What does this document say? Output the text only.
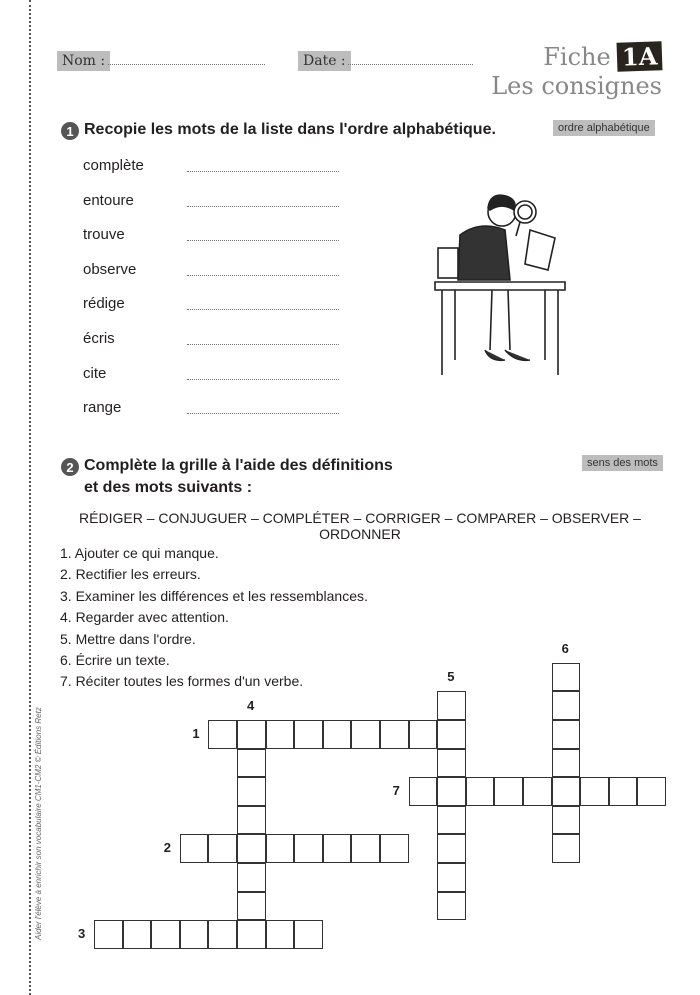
Aider l'élève à enrichir son vocabulaire CM1-CM2 © Éditions Retz
Nom :	Date :	Fiche 1A
Les consignes
1 Recopie les mots de la liste dans l'ordre alphabétique.	ordre alphabétique
2 Complète la grille à l'aide des définitions
et des mots suivants :
sens des mots
RÉDIGER – CONJUGUER – COMPLÉTER – CORRIGER – COMPARER – OBSERVER – ORDONNER
complète
entoure
trouve
observe
rédige
écris
cite
range
1. Ajouter ce qui manque.
2. Rectifier les erreurs.
3. Examiner les différences et les ressemblances.
4. Regarder avec attention.
5. Mettre dans l'ordre.
6. Écrire un texte.
7. Réciter toutes les formes d'un verbe.
1
2
3
7
4
5
6
